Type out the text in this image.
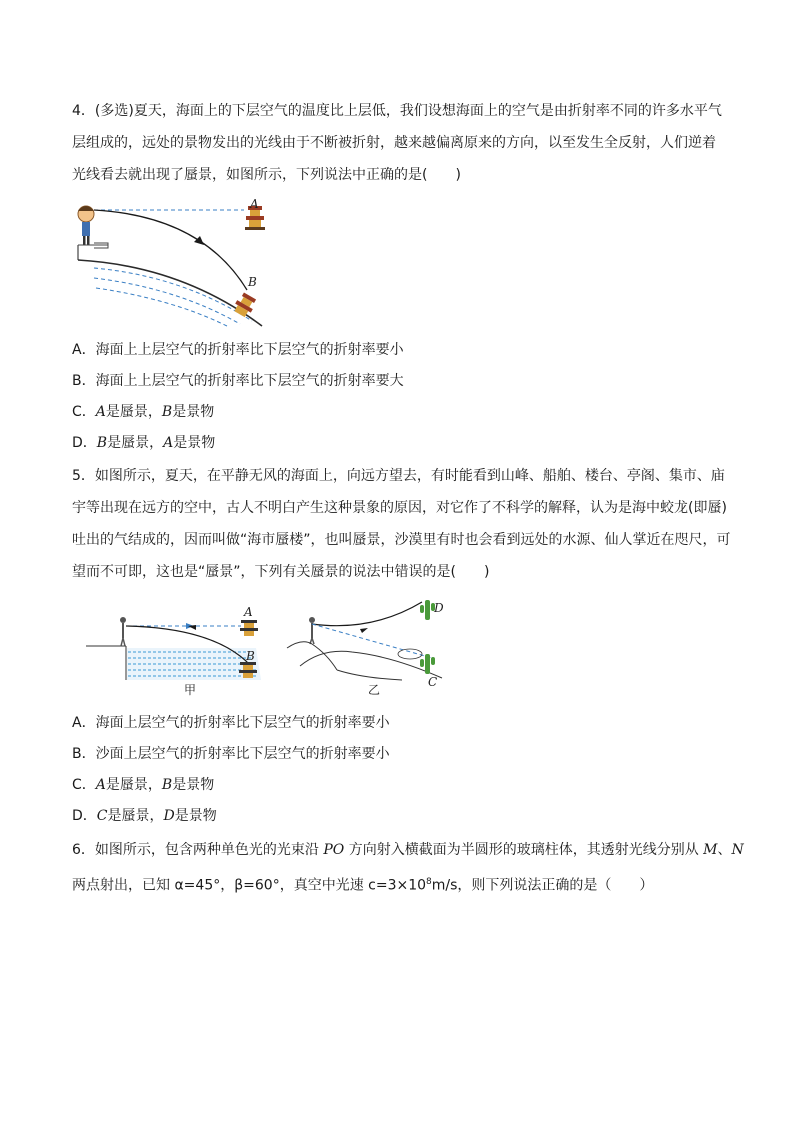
4．(多选)夏天，海面上的下层空气的温度比上层低，我们设想海面上的空气是由折射率不同的许多水平气
层组成的，远处的景物发出的光线由于不断被折射，越来越偏离原来的方向，以至发生全反射，人们逆着
光线看去就出现了蜃景，如图所示，下列说法中正确的是(　　)
A
B
A．海面上上层空气的折射率比下层空气的折射率要小
B．海面上上层空气的折射率比下层空气的折射率要大
C．A是蜃景，B是景物
D．B是蜃景，A是景物
5．如图所示，夏天，在平静无风的海面上，向远方望去，有时能看到山峰、船舶、楼台、亭阁、集市、庙
宇等出现在远方的空中，古人不明白产生这种景象的原因，对它作了不科学的解释，认为是海中蛟龙(即蜃)
吐出的气结成的，因而叫做“海市蜃楼”，也叫蜃景，沙漠里有时也会看到远处的水源、仙人掌近在咫尺，可
望而不可即，这也是“蜃景”，下列有关蜃景的说法中错误的是(　　)
A
B
甲
D
C
乙
A．海面上层空气的折射率比下层空气的折射率要小
B．沙面上层空气的折射率比下层空气的折射率要小
C．A是蜃景，B是景物
D．C是蜃景，D是景物
6．如图所示，包含两种单色光的光束沿 PO 方向射入横截面为半圆形的玻璃柱体，其透射光线分别从 M、N
两点射出，已知 α=45°，β=60°，真空中光速 $c=3\times 10^8m/s$，则下列说法正确的是（　　）
